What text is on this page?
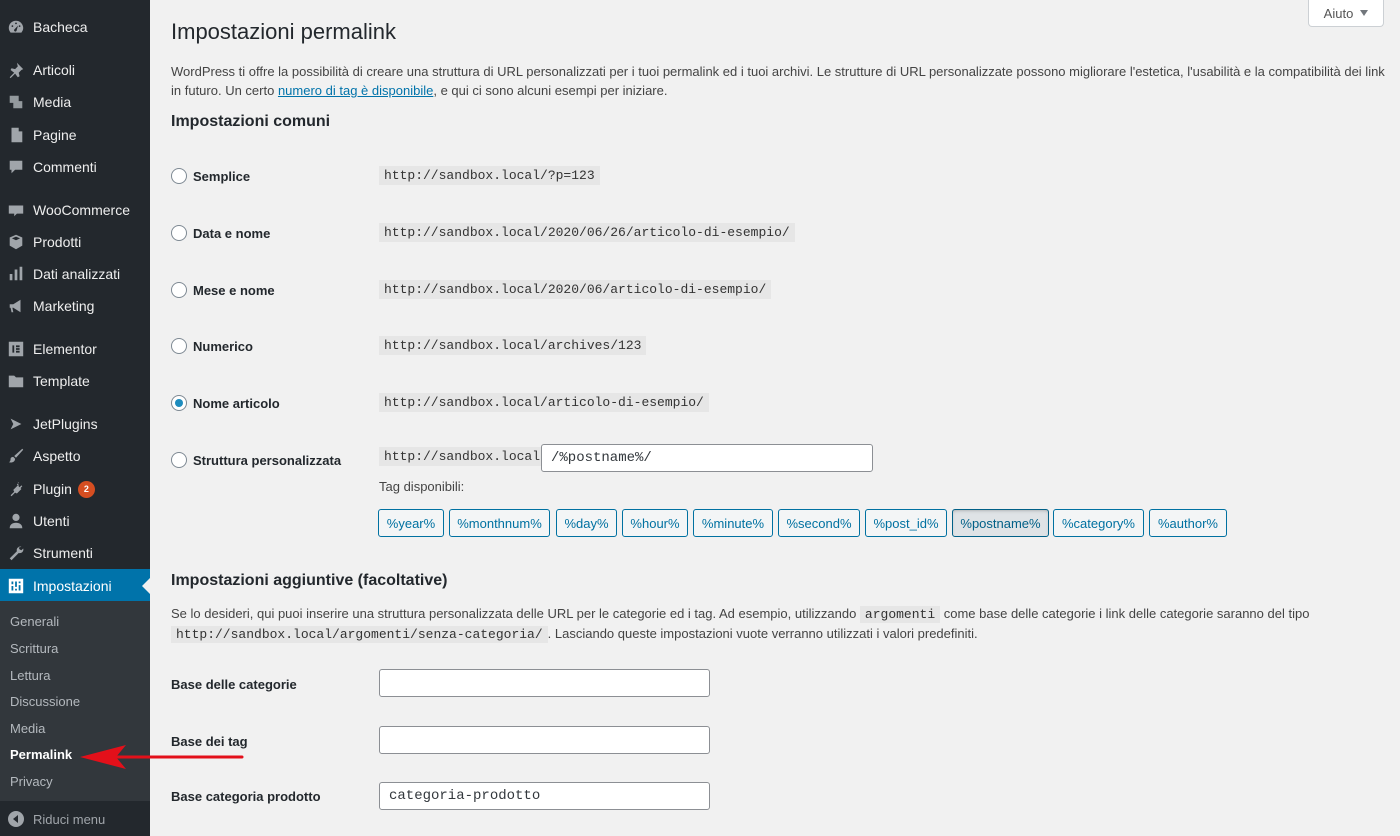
Bacheca
Articoli
Media
Pagine
Commenti
WooCommerce
Prodotti
Dati analizzati
Marketing
Elementor
Template
JetPlugins
Aspetto
Plugin	2
Utenti
Strumenti
Impostazioni
Generali
Scrittura
Lettura
Discussione
Media
Permalink
Privacy
Riduci menu
Aiuto
Impostazioni permalink

WordPress ti offre la possibilità di creare una struttura di URL personalizzati per i tuoi permalink ed i tuoi archivi. Le strutture di URL personalizzate possono migliorare l'estetica, l'usabilità e la compatibilità dei link in futuro. Un certo numero di tag è disponibile, e qui ci sono alcuni esempi per iniziare.

Impostazioni comuni
Semplice	http://sandbox.local/?p=123
Data e nome	http://sandbox.local/2020/06/26/articolo-di-esempio/
Mese e nome	http://sandbox.local/2020/06/articolo-di-esempio/
Numerico	http://sandbox.local/archives/123
Nome articolo	http://sandbox.local/articolo-di-esempio/
Struttura personalizzata	http://sandbox.local /%postname%/
Tag disponibili:
%year%	%monthnum%	%day%	%hour%	%minute%	%second%	%post_id%	%postname%	%category%	%author%
Impostazioni aggiuntive (facoltative)

Se lo desideri, qui puoi inserire una struttura personalizzata delle URL per le categorie ed i tag. Ad esempio, utilizzando argomenti come base delle categorie i link delle categorie saranno del tipo http://sandbox.local/argomenti/senza-categoria/ . Lasciando queste impostazioni vuote verranno utilizzati i valori predefiniti.

Base delle categorie
Base dei tag
Base categoria prodotto	categoria-prodotto
